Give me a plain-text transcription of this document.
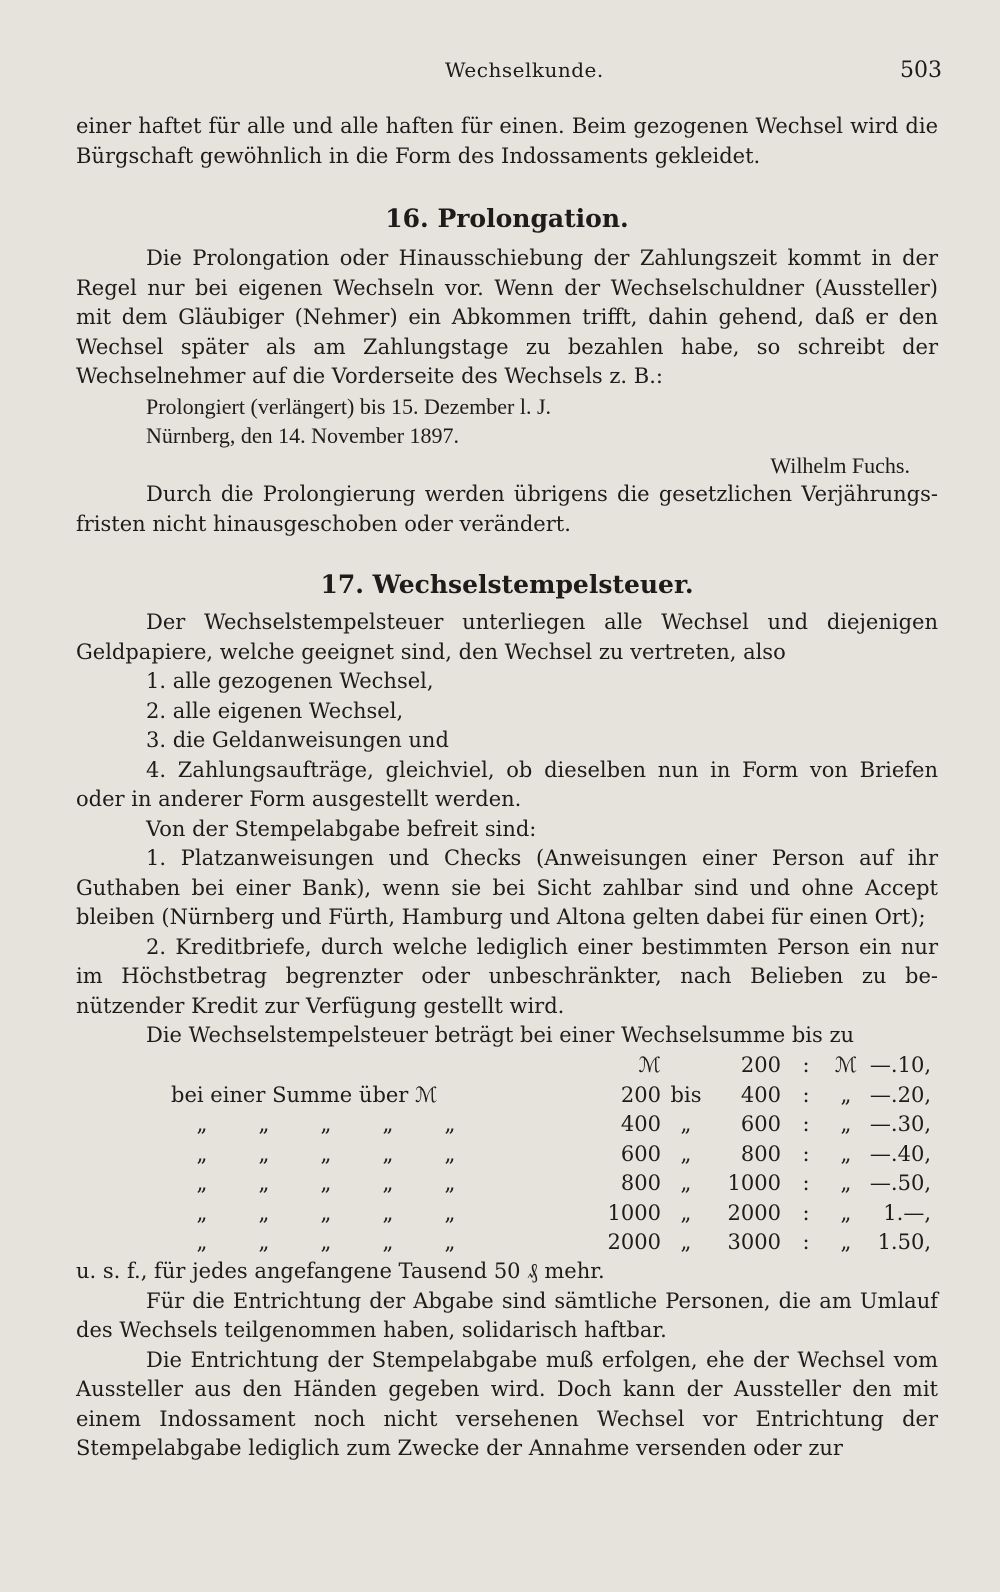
Wechselkunde.	503

einer haftet für alle und alle haften für einen. Beim gezogenen Wechsel wird die Bürgschaft gewöhnlich in die Form des Indossaments gekleidet.

16. Prolongation.

Die Prolongation oder Hinausschiebung der Zahlungszeit kommt in der Regel nur bei eigenen Wechseln vor. Wenn der Wechselschuldner (Aussteller) mit dem Gläubiger (Nehmer) ein Abkommen trifft, dahin gehend, daß er den Wechsel später als am Zahlungstage zu bezahlen habe, so schreibt der Wechselnehmer auf die Vorderseite des Wechsels z. B.:

Prolongiert (verlängert) bis 15. Dezember l. J.
Nürnberg, den 14. November 1897.
Wilhelm Fuchs.

Durch die Prolongierung werden übrigens die gesetzlichen Verjährungs-fristen nicht hinausgeschoben oder verändert.

17. Wechselstempelsteuer.

Der Wechselstempelsteuer unterliegen alle Wechsel und diejenigen Geldpapiere, welche geeignet sind, den Wechsel zu vertreten, also

1. alle gezogenen Wechsel,
2. alle eigenen Wechsel,
3. die Geldanweisungen und

4. Zahlungsaufträge, gleichviel, ob dieselben nun in Form von Briefen oder in anderer Form ausgestellt werden.

Von der Stempelabgabe befreit sind:

1. Platzanweisungen und Checks (Anweisungen einer Person auf ihr Guthaben bei einer Bank), wenn sie bei Sicht zahlbar sind und ohne Accept bleiben (Nürnberg und Fürth, Hamburg und Altona gelten dabei für einen Ort);

2. Kreditbriefe, durch welche lediglich einer bestimmten Person ein nur im Höchstbetrag begrenzter oder unbeschränkter, nach Belieben zu be-nützender Kredit zur Verfügung gestellt wird.

Die Wechselstempelsteuer beträgt bei einer Wechselsumme bis zu

	ℳ		200	:	ℳ	—.10,
bei einer Summe über ℳ	200	bis	400	:	„	—.20,
„ „ „ „ „	400	„	600	:	„	—.30,
„ „ „ „ „	600	„	800	:	„	—.40,
„ „ „ „ „	800	„	1000	:	„	—.50,
„ „ „ „ „	1000	„	2000	:	„	1.—,
„ „ „ „ „	2000	„	3000	:	„	1.50,

u. s. f., für jedes angefangene Tausend 50 ₰ mehr.

Für die Entrichtung der Abgabe sind sämtliche Personen, die am Umlauf des Wechsels teilgenommen haben, solidarisch haftbar.

Die Entrichtung der Stempelabgabe muß erfolgen, ehe der Wechsel vom Aussteller aus den Händen gegeben wird. Doch kann der Aussteller den mit einem Indossament noch nicht versehenen Wechsel vor Entrichtung der Stempelabgabe lediglich zum Zwecke der Annahme versenden oder zur
